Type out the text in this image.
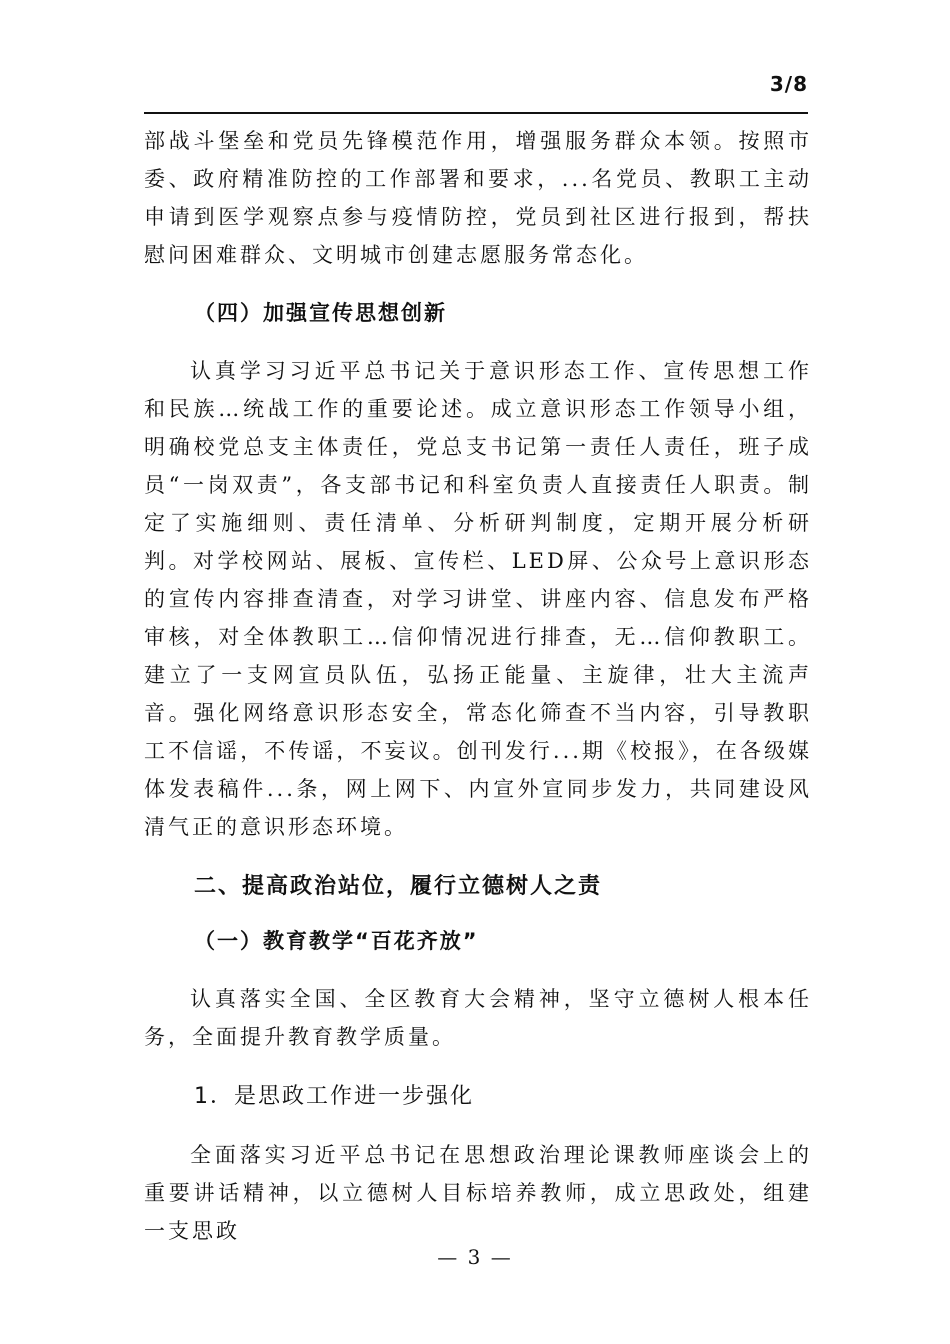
3/8

部战斗堡垒和党员先锋模范作用，增强服务群众本领。按照市委、政府精准防控的工作部署和要求，...名党员、教职工主动申请到医学观察点参与疫情防控，党员到社区进行报到，帮扶慰问困难群众、文明城市创建志愿服务常态化。

（四）加强宣传思想创新

认真学习习近平总书记关于意识形态工作、宣传思想工作和民族…统战工作的重要论述。成立意识形态工作领导小组，明确校党总支主体责任，党总支书记第一责任人责任，班子成员“一岗双责”，各支部书记和科室负责人直接责任人职责。制定了实施细则、责任清单、分析研判制度，定期开展分析研判。对学校网站、展板、宣传栏、LED屏、公众号上意识形态的宣传内容排查清查，对学习讲堂、讲座内容、信息发布严格审核，对全体教职工…信仰情况进行排查，无…信仰教职工。建立了一支网宣员队伍，弘扬正能量、主旋律，壮大主流声音。强化网络意识形态安全，常态化筛查不当内容，引导教职工不信谣，不传谣，不妄议。创刊发行...期《校报》，在各级媒体发表稿件...条，网上网下、内宣外宣同步发力，共同建设风清气正的意识形态环境。

二、提高政治站位，履行立德树人之责

（一）教育教学“百花齐放”

认真落实全国、全区教育大会精神，坚守立德树人根本任务，全面提升教育教学质量。

1．是思政工作进一步强化

全面落实习近平总书记在思想政治理论课教师座谈会上的重要讲话精神，以立德树人目标培养教师，成立思政处，组建一支思政

— 3 —
